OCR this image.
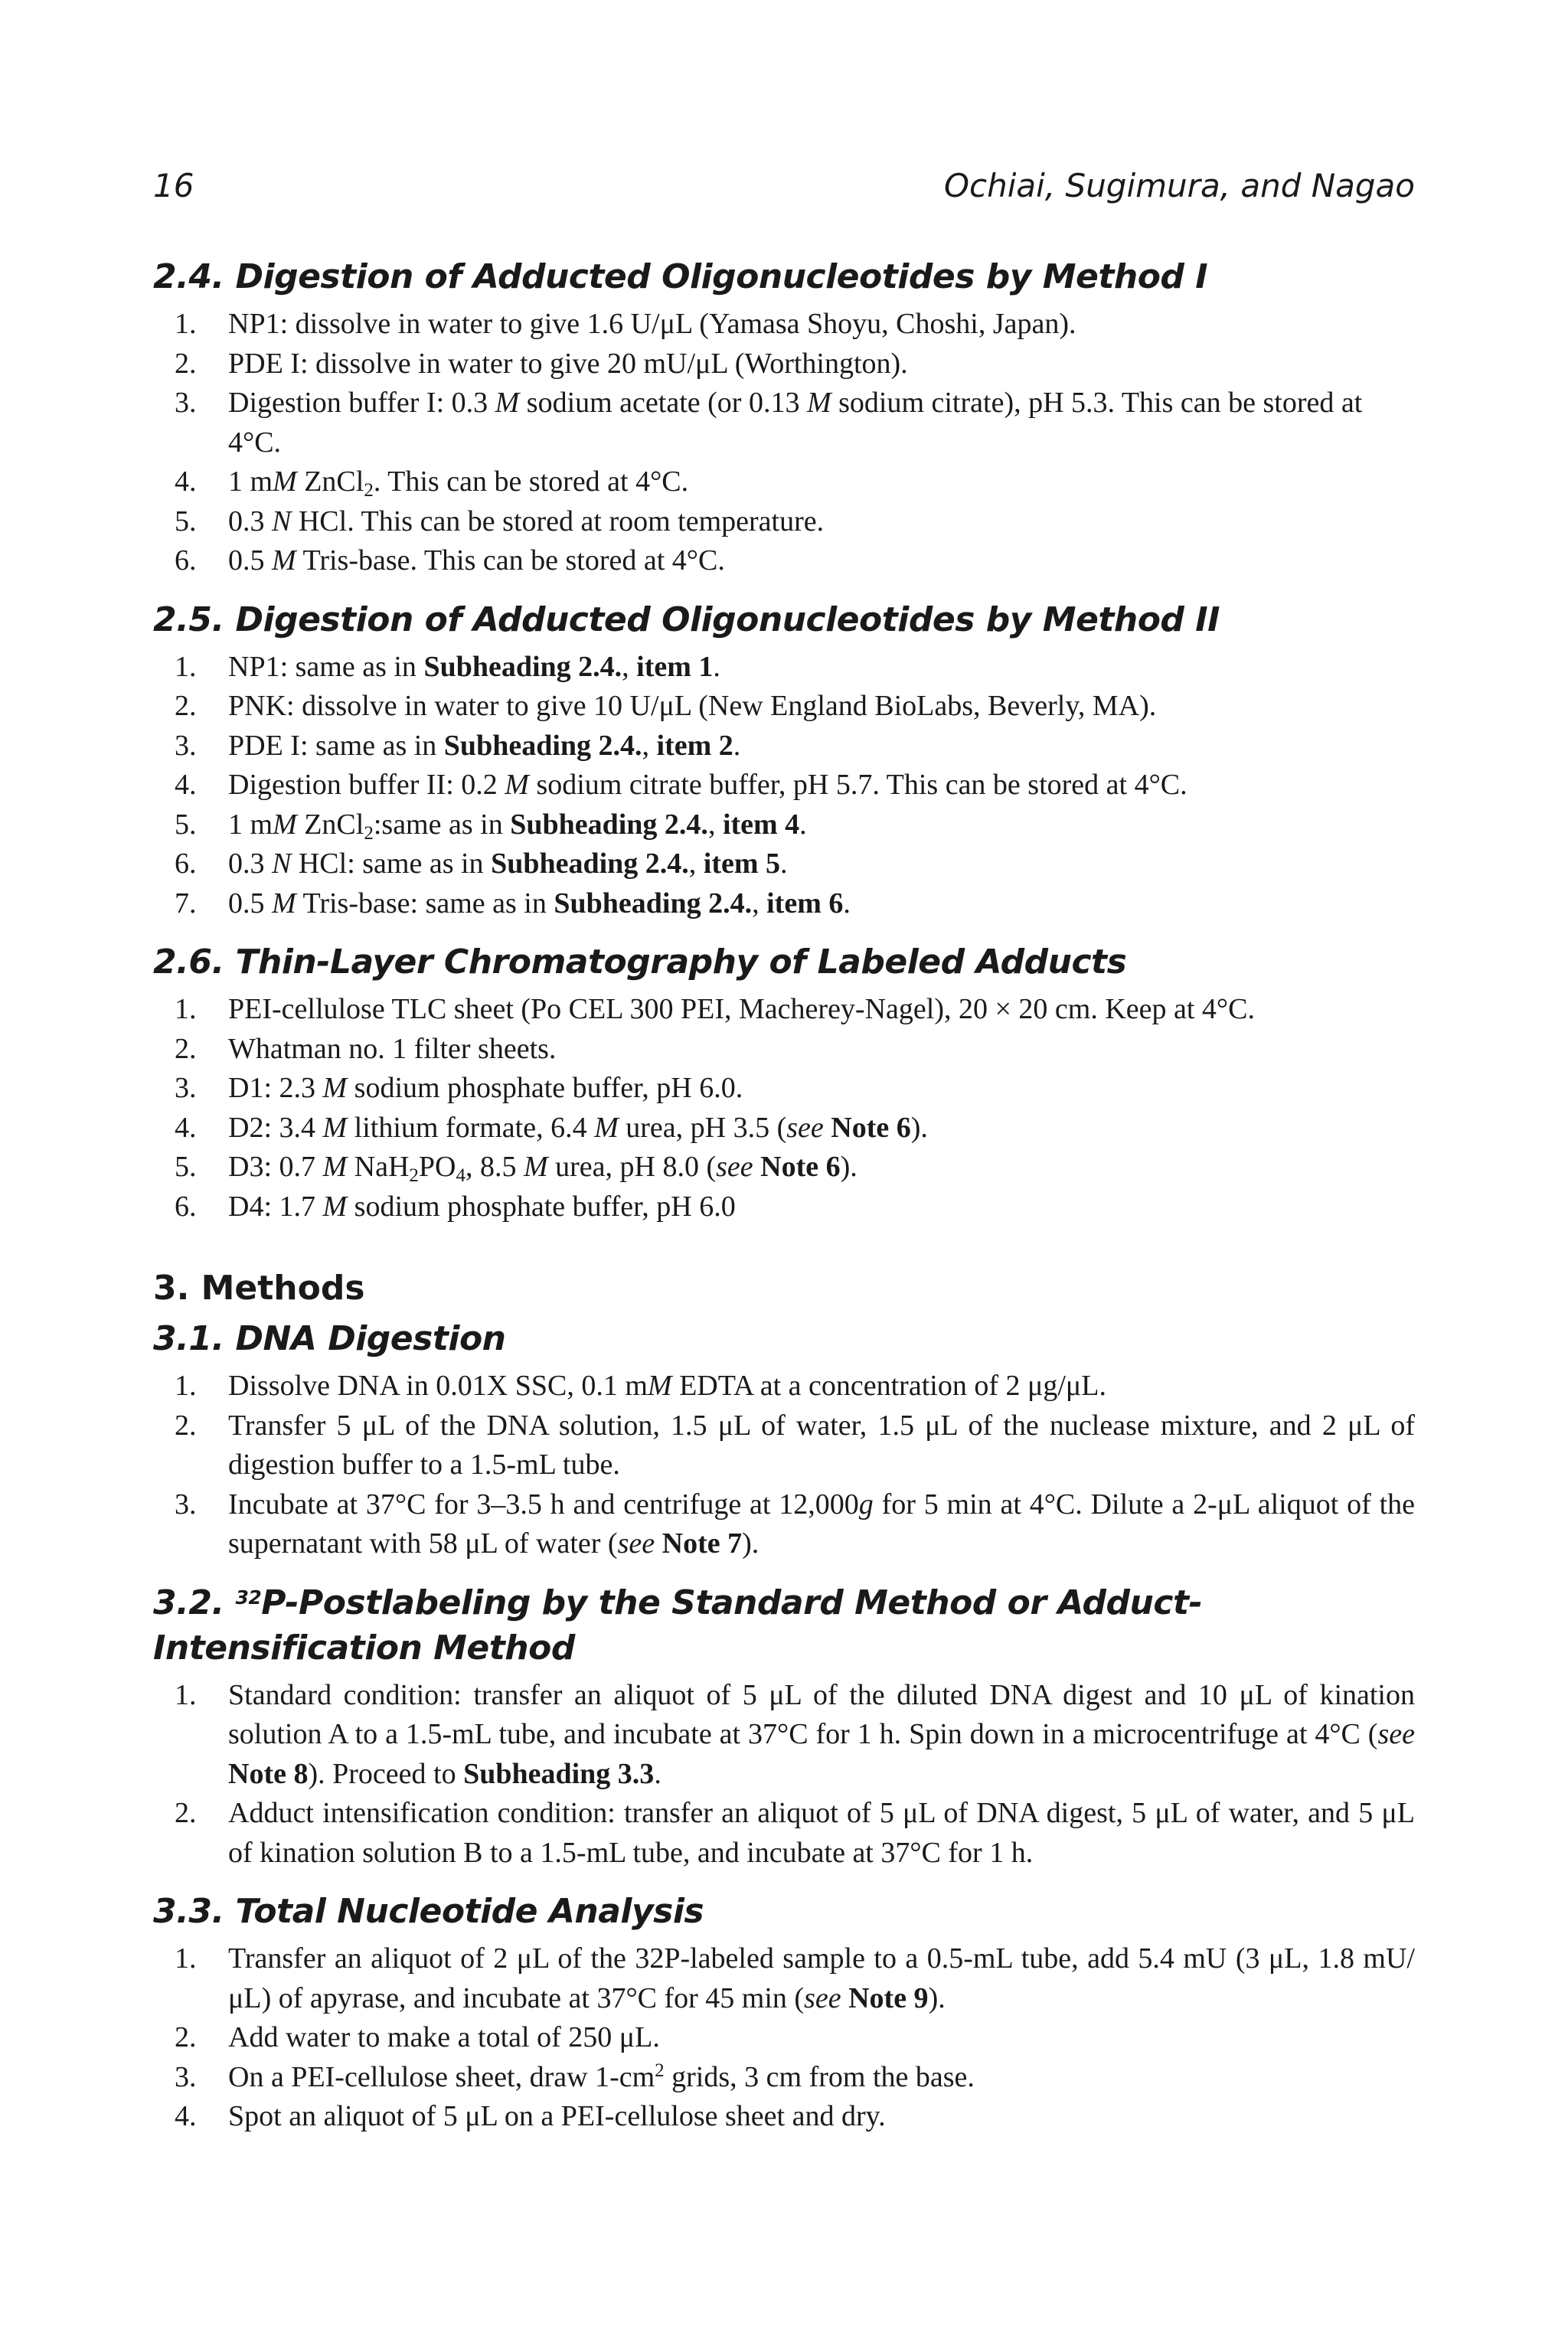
16	Ochiai, Sugimura, and Nagao
2.4. Digestion of Adducted Oligonucleotides by Method I
1. NP1: dissolve in water to give 1.6 U/μL (Yamasa Shoyu, Choshi, Japan).
2. PDE I: dissolve in water to give 20 mU/μL (Worthington).
3. Digestion buffer I: 0.3 M sodium acetate (or 0.13 M sodium citrate), pH 5.3. This can be stored at 4°C.
4. 1 mM ZnCl$_2$. This can be stored at 4°C.
5. 0.3 N HCl. This can be stored at room temperature.
6. 0.5 M Tris-base. This can be stored at 4°C.
2.5. Digestion of Adducted Oligonucleotides by Method II
1. NP1: same as in Subheading 2.4., item 1.
2. PNK: dissolve in water to give 10 U/μL (New England BioLabs, Beverly, MA).
3. PDE I: same as in Subheading 2.4., item 2.
4. Digestion buffer II: 0.2 M sodium citrate buffer, pH 5.7. This can be stored at 4°C.
5. 1 mM ZnCl$_2$:same as in Subheading 2.4., item 4.
6. 0.3 N HCl: same as in Subheading 2.4., item 5.
7. 0.5 M Tris-base: same as in Subheading 2.4., item 6.
2.6. Thin-Layer Chromatography of Labeled Adducts
1. PEI-cellulose TLC sheet (Po CEL 300 PEI, Macherey-Nagel), 20 × 20 cm. Keep at 4°C.
2. Whatman no. 1 filter sheets.
3. D1: 2.3 M sodium phosphate buffer, pH 6.0.
4. D2: 3.4 M lithium formate, 6.4 M urea, pH 3.5 (see Note 6).
5. D3: 0.7 M $NaH_2PO_4$, 8.5 M urea, pH 8.0 (see Note 6).
6. D4: 1.7 M sodium phosphate buffer, pH 6.0
3. Methods
3.1. DNA Digestion
1. Dissolve DNA in 0.01X SSC, 0.1 mM EDTA at a concentration of 2 μg/μL.
2. Transfer 5 μL of the DNA solution, 1.5 μL of water, 1.5 μL of the nuclease mixture, and 2 μL of digestion buffer to a 1.5-mL tube.
3. Incubate at 37°C for 3–3.5 h and centrifuge at 12,000g for 5 min at 4°C. Dilute a 2-μL aliquot of the supernatant with 58 μL of water (see Note 7).
3.2. $^{32}$P-Postlabeling by the Standard Method or Adduct-Intensification Method
1. Standard condition: transfer an aliquot of 5 μL of the diluted DNA digest and 10 μL of kination solution A to a 1.5-mL tube, and incubate at 37°C for 1 h. Spin down in a microcentrifuge at 4°C (see Note 8). Proceed to Subheading 3.3.
2. Adduct intensification condition: transfer an aliquot of 5 μL of DNA digest, 5 μL of water, and 5 μL of kination solution B to a 1.5-mL tube, and incubate at 37°C for 1 h.
3.3. Total Nucleotide Analysis
1. Transfer an aliquot of 2 μL of the 32P-labeled sample to a 0.5-mL tube, add 5.4 mU (3 μL, 1.8 mU/μL) of apyrase, and incubate at 37°C for 45 min (see Note 9).
2. Add water to make a total of 250 μL.
3. On a PEI-cellulose sheet, draw $1-cm^2$ grids, 3 cm from the base.
4. Spot an aliquot of 5 μL on a PEI-cellulose sheet and dry.
